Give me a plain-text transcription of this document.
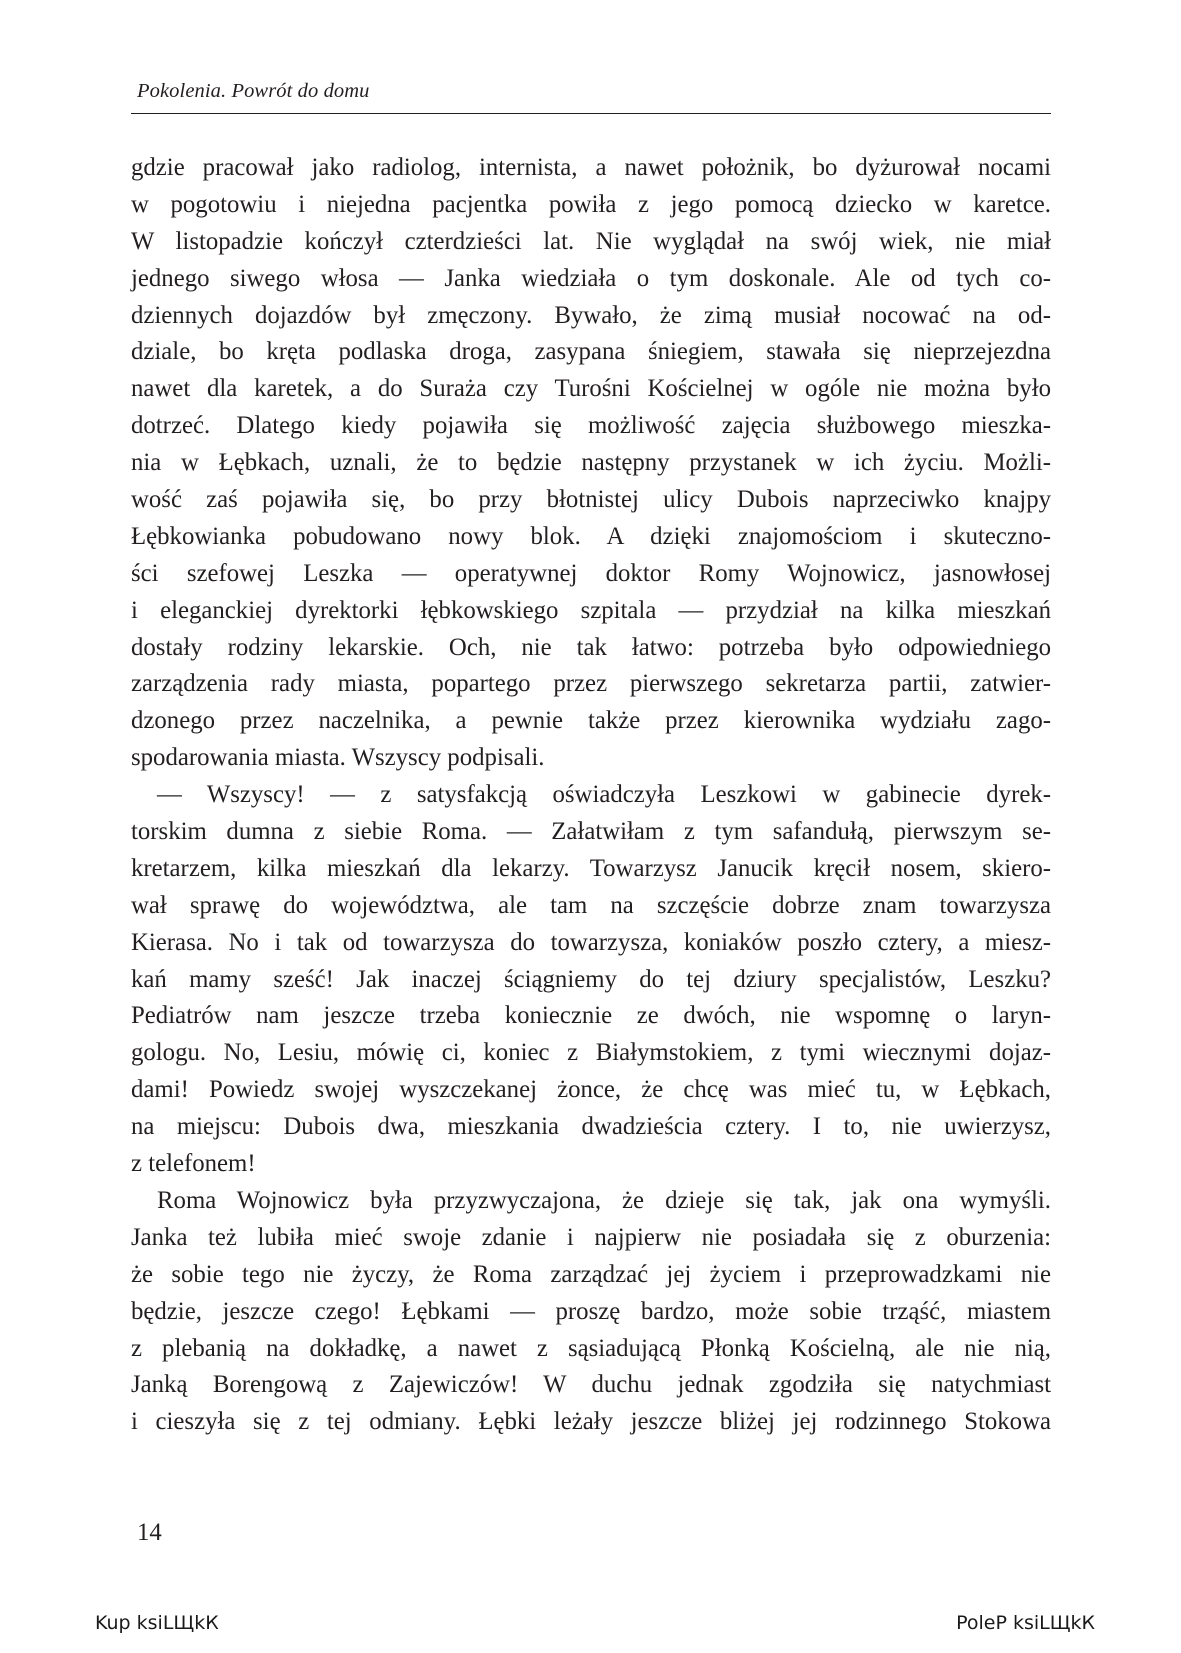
Pokolenia. Powrót do domu
gdzie pracował jako radiolog, internista, a nawet położnik, bo dyżurował nocami
w pogotowiu i niejedna pacjentka powiła z jego pomocą dziecko w karetce.
W listopadzie kończył czterdzieści lat. Nie wyglądał na swój wiek, nie miał
jednego siwego włosa — Janka wiedziała o tym doskonale. Ale od tych co-
dziennych dojazdów był zmęczony. Bywało, że zimą musiał nocować na od-
dziale, bo kręta podlaska droga, zasypana śniegiem, stawała się nieprzejezdna
nawet dla karetek, a do Suraża czy Turośni Kościelnej w ogóle nie można było
dotrzeć. Dlatego kiedy pojawiła się możliwość zajęcia służbowego mieszka-
nia w Łębkach, uznali, że to będzie następny przystanek w ich życiu. Możli-
wość zaś pojawiła się, bo przy błotnistej ulicy Dubois naprzeciwko knajpy
Łębkowianka pobudowano nowy blok. A dzięki znajomościom i skuteczno-
ści szefowej Leszka — operatywnej doktor Romy Wojnowicz, jasnowłosej
i eleganckiej dyrektorki łębkowskiego szpitala — przydział na kilka mieszkań
dostały rodziny lekarskie. Och, nie tak łatwo: potrzeba było odpowiedniego
zarządzenia rady miasta, popartego przez pierwszego sekretarza partii, zatwier-
dzonego przez naczelnika, a pewnie także przez kierownika wydziału zago-
spodarowania miasta. Wszyscy podpisali.
— Wszyscy! — z satysfakcją oświadczyła Leszkowi w gabinecie dyrek-
torskim dumna z siebie Roma. — Załatwiłam z tym safandułą, pierwszym se-
kretarzem, kilka mieszkań dla lekarzy. Towarzysz Janucik kręcił nosem, skiero-
wał sprawę do województwa, ale tam na szczęście dobrze znam towarzysza
Kierasa. No i tak od towarzysza do towarzysza, koniaków poszło cztery, a miesz-
kań mamy sześć! Jak inaczej ściągniemy do tej dziury specjalistów, Leszku?
Pediatrów nam jeszcze trzeba koniecznie ze dwóch, nie wspomnę o laryn-
gologu. No, Lesiu, mówię ci, koniec z Białymstokiem, z tymi wiecznymi dojaz-
dami! Powiedz swojej wyszczekanej żonce, że chcę was mieć tu, w Łębkach,
na miejscu: Dubois dwa, mieszkania dwadzieścia cztery. I to, nie uwierzysz,
z telefonem!
Roma Wojnowicz była przyzwyczajona, że dzieje się tak, jak ona wymyśli.
Janka też lubiła mieć swoje zdanie i najpierw nie posiadała się z oburzenia:
że sobie tego nie życzy, że Roma zarządzać jej życiem i przeprowadzkami nie
będzie, jeszcze czego! Łębkami — proszę bardzo, może sobie trząść, miastem
z plebanią na dokładkę, a nawet z sąsiadującą Płonką Kościelną, ale nie nią,
Janką Borengową z Zajewiczów! W duchu jednak zgodziła się natychmiast
i cieszyła się z tej odmiany. Łębki leżały jeszcze bliżej jej rodzinnego Stokowa
14
Kup ksiLЩkК	PoleР ksiLЩkК
